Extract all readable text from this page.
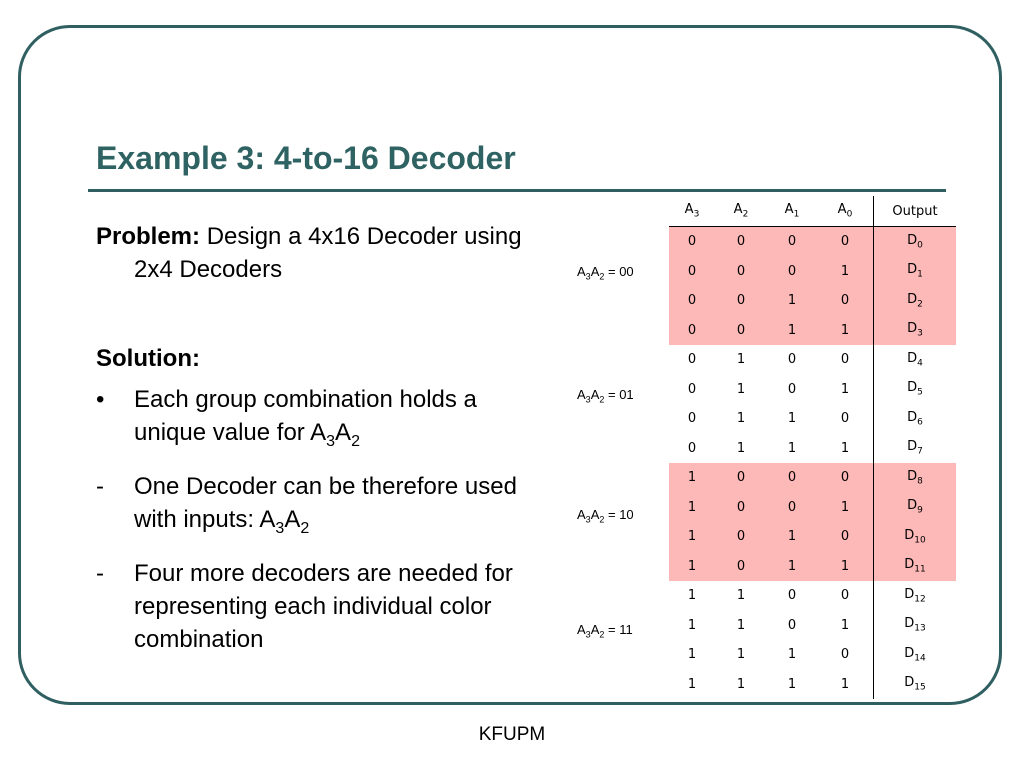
Example 3: 4-to-16 Decoder

Problem: Design a 4x16 Decoder using 2x4 Decoders

Solution:

•	Each group combination holds a unique value for $A_3A_2$
-	One Decoder can be therefore used with inputs: $A_3A_2$
-	Four more decoders are needed for representing each individual color combination
$A_3A_2 = 00$
$A_3A_2 = 01$
$A_3A_2 = 10$
$A_3A_2 = 11$
$A_3$	$A_2$	$A_1$	$A_0$	Output
0	0	0	0	$D_0$
0	0	0	1	$D_1$
0	0	1	0	$D_2$
0	0	1	1	$D_3$
0	1	0	0	$D_4$
0	1	0	1	$D_5$
0	1	1	0	$D_6$
0	1	1	1	$D_7$
1	0	0	0	$D_8$
1	0	0	1	$D_9$
1	0	1	0	$D_{10}$
1	0	1	1	$D_{11}$
1	1	0	0	$D_{12}$
1	1	0	1	$D_{13}$
1	1	1	0	$D_{14}$
1	1	1	1	$D_{15}$
KFUPM
